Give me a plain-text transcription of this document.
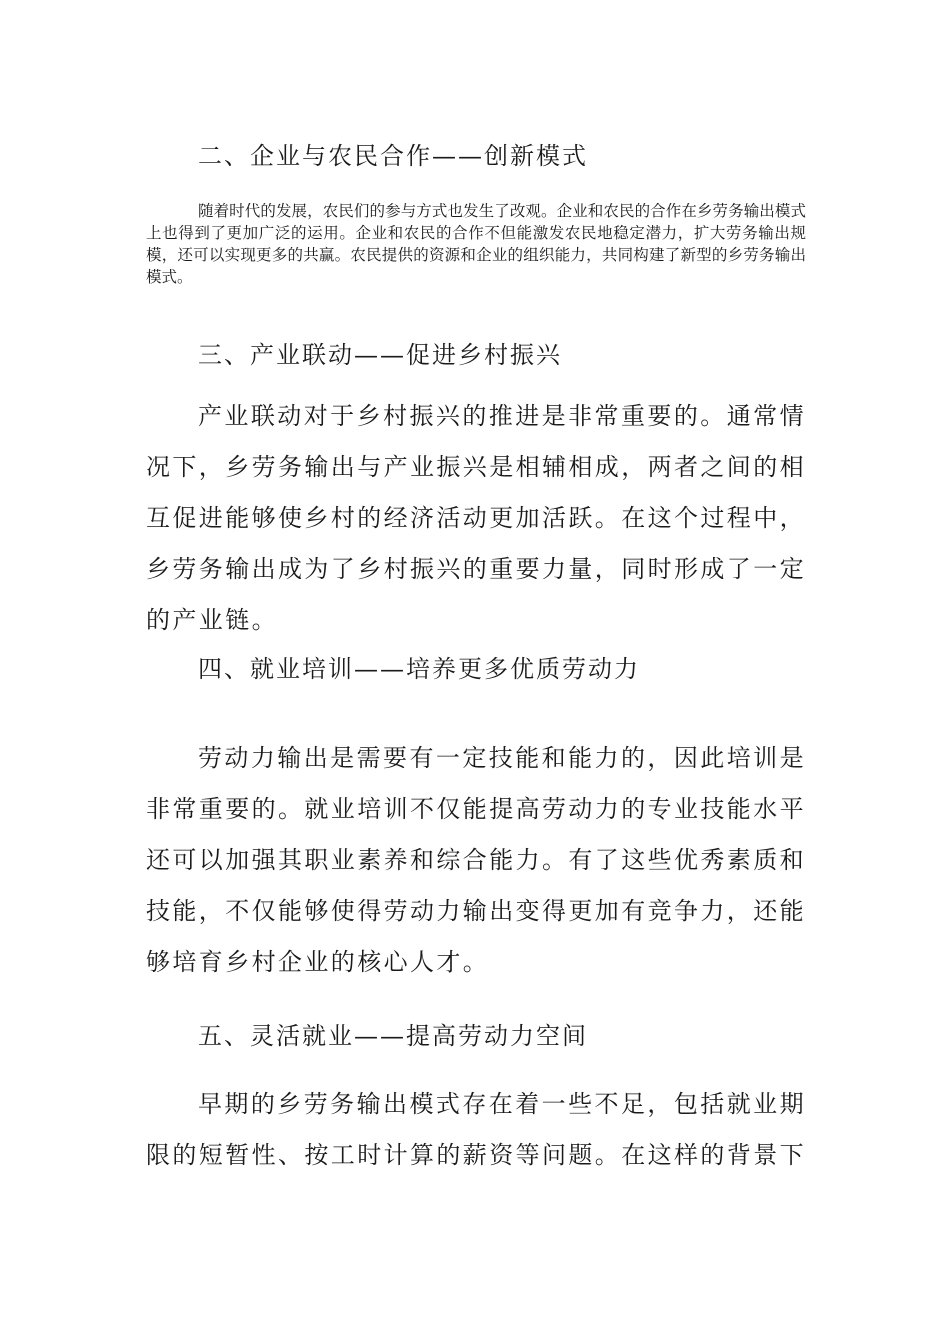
二、企业与农民合作——创新模式
随着时代的发展，农民们的参与方式也发生了改观。企业和农民的合作在乡劳务输出模式上也得到了更加广泛的运用。企业和农民的合作不但能激发农民地稳定潜力，扩大劳务输出规模，还可以实现更多的共赢。农民提供的资源和企业的组织能力，共同构建了新型的乡劳务输出模式。
三、产业联动——促进乡村振兴
产业联动对于乡村振兴的推进是非常重要的。通常情况下，乡劳务输出与产业振兴是相辅相成，两者之间的相互促进能够使乡村的经济活动更加活跃。在这个过程中，乡劳务输出成为了乡村振兴的重要力量，同时形成了一定的产业链。
四、就业培训——培养更多优质劳动力
劳动力输出是需要有一定技能和能力的，因此培训是非常重要的。就业培训不仅能提高劳动力的专业技能水平还可以加强其职业素养和综合能力。有了这些优秀素质和技能，不仅能够使得劳动力输出变得更加有竞争力，还能够培育乡村企业的核心人才。
五、灵活就业——提高劳动力空间
早期的乡劳务输出模式存在着一些不足，包括就业期限的短暂性、按工时计算的薪资等问题。在这样的背景下
